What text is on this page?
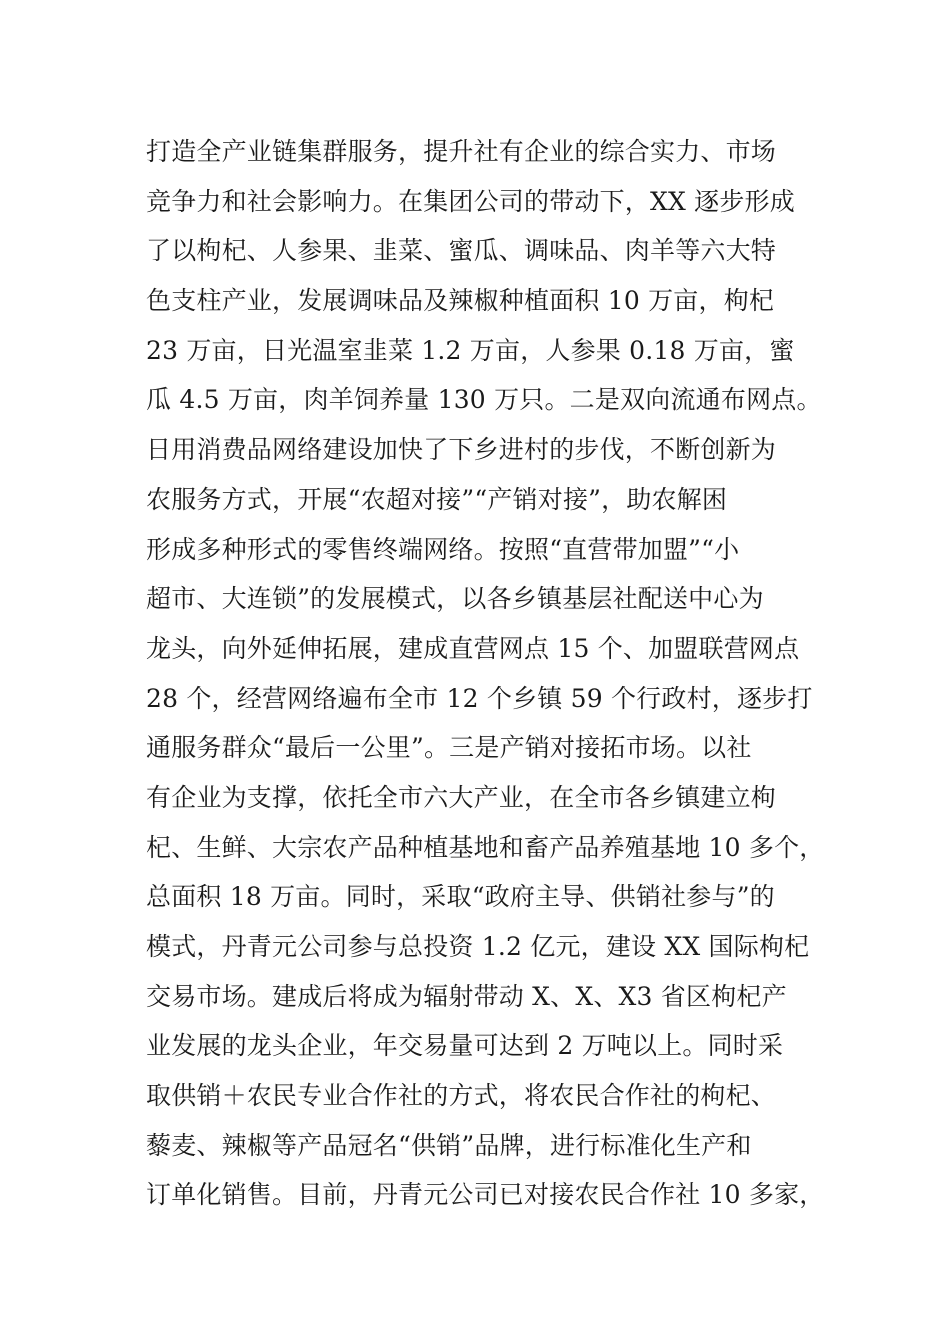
打造全产业链集群服务，提升社有企业的综合实力、市场
竞争力和社会影响力。在集团公司的带动下，XX 逐步形成
了以枸杞、人参果、韭菜、蜜瓜、调味品、肉羊等六大特
色支柱产业，发展调味品及辣椒种植面积 10 万亩，枸杞
23 万亩，日光温室韭菜 1.2 万亩，人参果 0.18 万亩，蜜
瓜 4.5 万亩，肉羊饲养量 130 万只。二是双向流通布网点。
日用消费品网络建设加快了下乡进村的步伐，不断创新为
农服务方式，开展“农超对接”“产销对接”，助农解困
形成多种形式的零售终端网络。按照“直营带加盟”“小
超市、大连锁”的发展模式，以各乡镇基层社配送中心为
龙头，向外延伸拓展，建成直营网点 15 个、加盟联营网点
28 个，经营网络遍布全市 12 个乡镇 59 个行政村，逐步打
通服务群众“最后一公里”。三是产销对接拓市场。以社
有企业为支撑，依托全市六大产业，在全市各乡镇建立枸
杞、生鲜、大宗农产品种植基地和畜产品养殖基地 10 多个，
总面积 18 万亩。同时，采取“政府主导、供销社参与”的
模式，丹青元公司参与总投资 1.2 亿元，建设 XX 国际枸杞
交易市场。建成后将成为辐射带动 X、X、X3 省区枸杞产
业发展的龙头企业，年交易量可达到 2 万吨以上。同时采
取供销＋农民专业合作社的方式，将农民合作社的枸杞、
藜麦、辣椒等产品冠名“供销”品牌，进行标准化生产和
订单化销售。目前，丹青元公司已对接农民合作社 10 多家，
